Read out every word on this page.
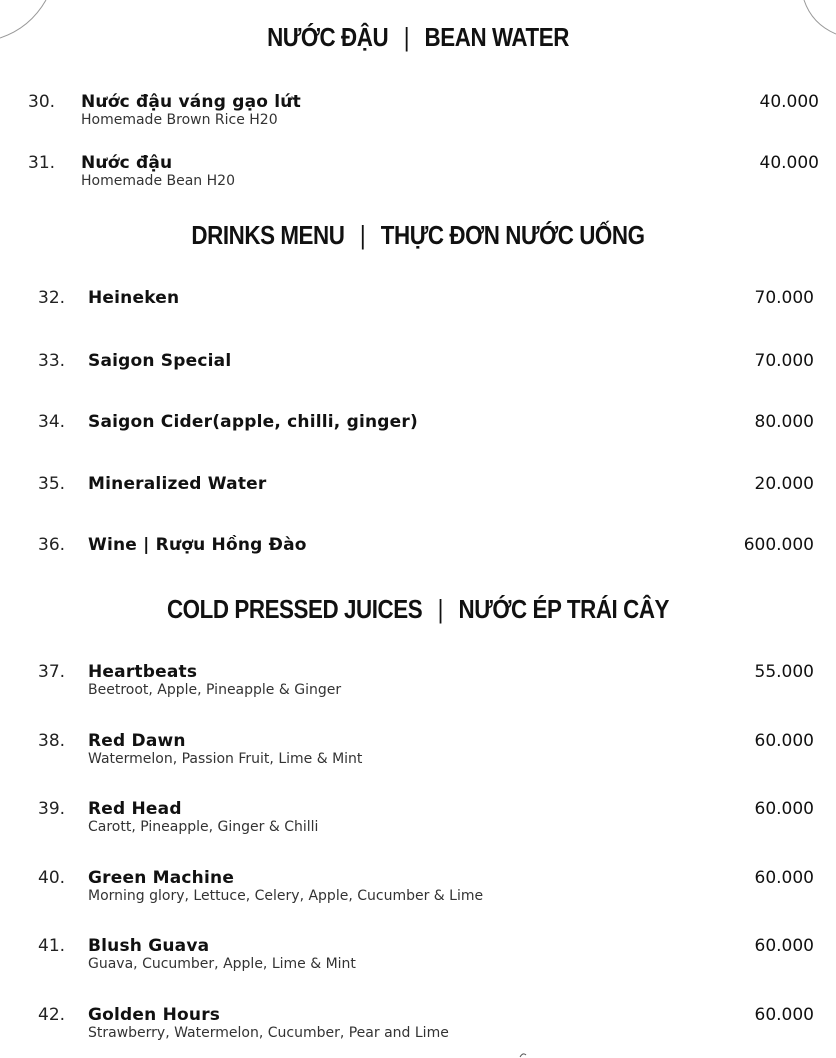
NƯỚC ĐẬU | BEAN WATER
30. Nước đậu váng gạo lứt
Homemade Brown Rice H20
40.000
31. Nước đậu
Homemade Bean H20
40.000
DRINKS MENU | THỰC ĐƠN NƯỚC UỐNG
32. Heineken	70.000
33. Saigon Special	70.000
34. Saigon Cider(apple, chilli, ginger)	80.000
35. Mineralized Water	20.000
36. Wine | Rượu Hồng Đào	600.000
COLD PRESSED JUICES | NƯỚC ÉP TRÁI CÂY
37. Heartbeats
Beetroot, Apple, Pineapple & Ginger
55.000
38. Red Dawn
Watermelon, Passion Fruit, Lime & Mint
60.000
39. Red Head
Carott, Pineapple, Ginger & Chilli
60.000
40. Green Machine
Morning glory, Lettuce, Celery, Apple, Cucumber & Lime
60.000
41. Blush Guava
Guava, Cucumber, Apple, Lime & Mint
60.000
42. Golden Hours
Strawberry, Watermelon, Cucumber, Pear and Lime
60.000
